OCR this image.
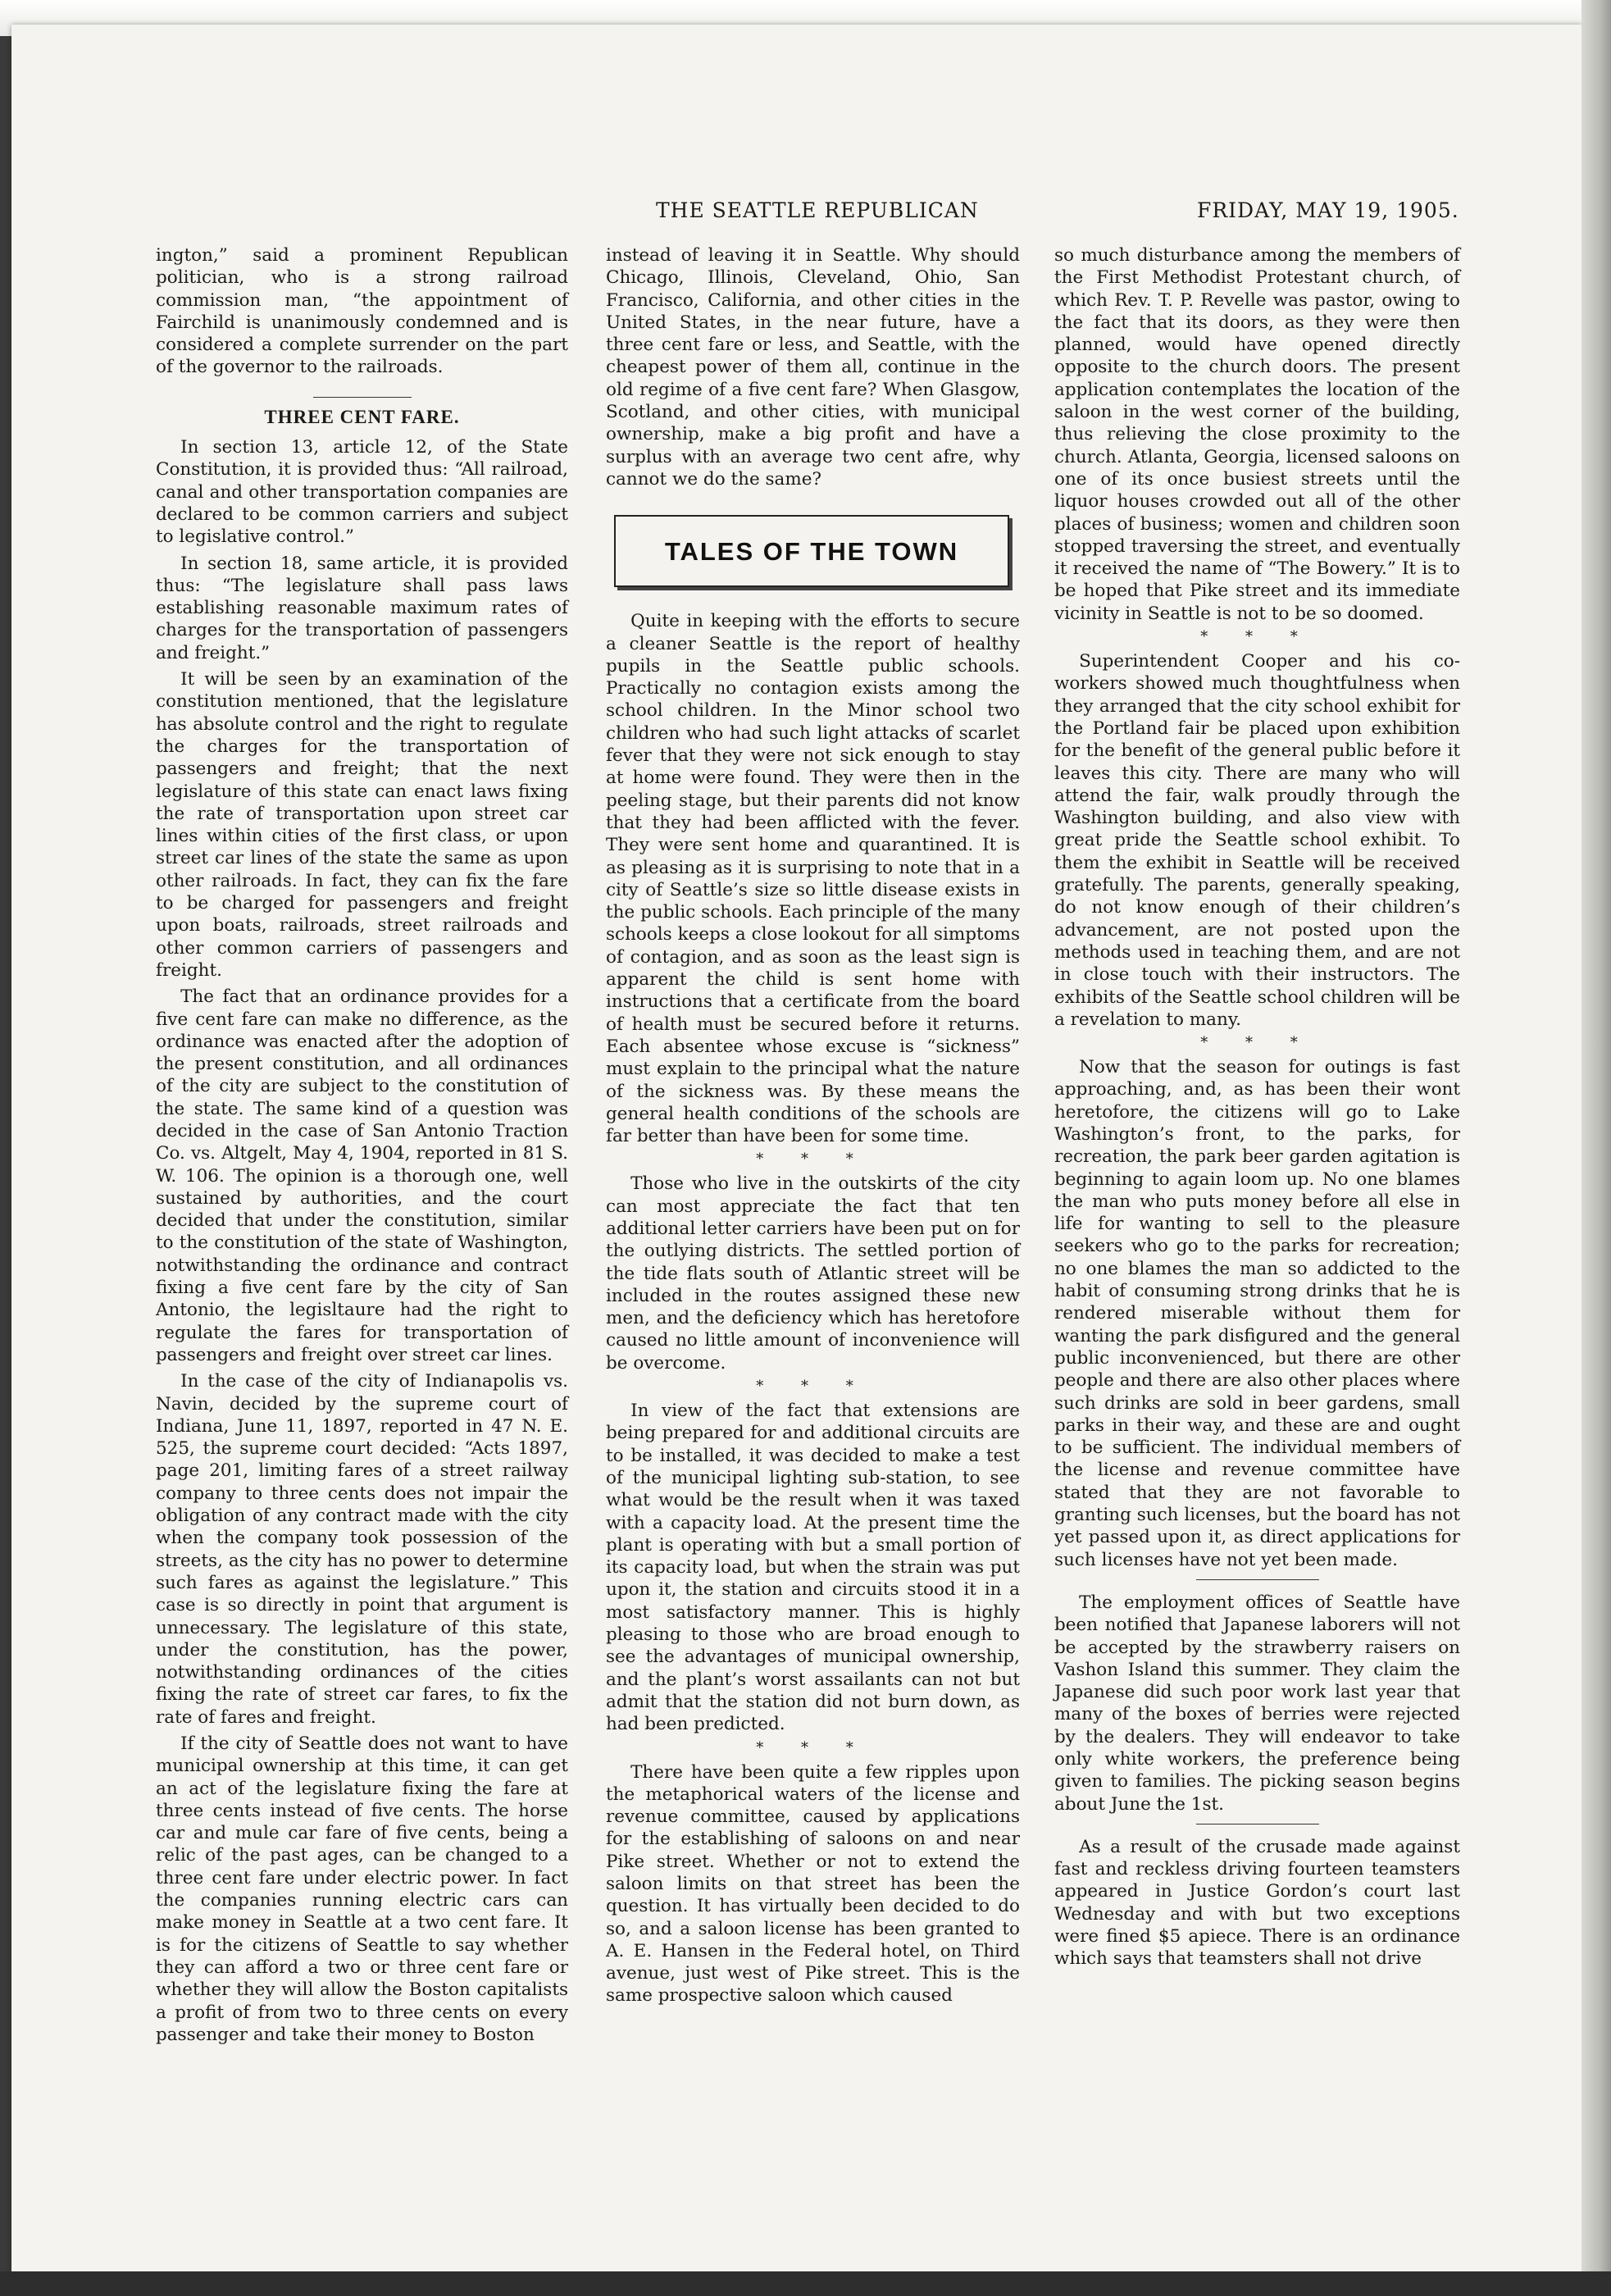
THE SEATTLE REPUBLICAN	FRIDAY, MAY 19, 1905.

ington,” said a prominent Republican politician, who is a strong railroad commission man, “the appointment of Fairchild is unanimously condemned and is considered a complete surrender on the part of the governor to the railroads.

THREE CENT FARE.

In section 13, article 12, of the State Constitution, it is provided thus: “All railroad, canal and other transportation companies are declared to be common carriers and subject to legislative control.”

In section 18, same article, it is provided thus: “The legislature shall pass laws establishing reasonable maximum rates of charges for the transportation of passengers and freight.”

It will be seen by an examination of the constitution mentioned, that the legislature has absolute control and the right to regulate the charges for the transportation of passengers and freight; that the next legislature of this state can enact laws fixing the rate of transportation upon street car lines within cities of the first class, or upon street car lines of the state the same as upon other railroads. In fact, they can fix the fare to be charged for passengers and freight upon boats, railroads, street railroads and other common carriers of passengers and freight.

The fact that an ordinance provides for a five cent fare can make no difference, as the ordinance was enacted after the adoption of the present constitution, and all ordinances of the city are subject to the constitution of the state. The same kind of a question was decided in the case of San Antonio Traction Co. vs. Altgelt, May 4, 1904, reported in 81 S. W. 106. The opinion is a thorough one, well sustained by authorities, and the court decided that under the constitution, similar to the constitution of the state of Washington, notwithstanding the ordinance and contract fixing a five cent fare by the city of San Antonio, the legisltaure had the right to regulate the fares for transportation of passengers and freight over street car lines.

In the case of the city of Indianapolis vs. Navin, decided by the supreme court of Indiana, June 11, 1897, reported in 47 N. E. 525, the supreme court decided: “Acts 1897, page 201, limiting fares of a street railway company to three cents does not impair the obligation of any contract made with the city when the company took possession of the streets, as the city has no power to determine such fares as against the legislature.” This case is so directly in point that argument is unnecessary. The legislature of this state, under the constitution, has the power, notwithstanding ordinances of the cities fixing the rate of street car fares, to fix the rate of fares and freight.

If the city of Seattle does not want to have municipal ownership at this time, it can get an act of the legislature fixing the fare at three cents instead of five cents. The horse car and mule car fare of five cents, being a relic of the past ages, can be changed to a three cent fare under electric power. In fact the companies running electric cars can make money in Seattle at a two cent fare. It is for the citizens of Seattle to say whether they can afford a two or three cent fare or whether they will allow the Boston capitalists a profit of from two to three cents on every passenger and take their money to Boston

instead of leaving it in Seattle. Why should Chicago, Illinois, Cleveland, Ohio, San Francisco, California, and other cities in the United States, in the near future, have a three cent fare or less, and Seattle, with the cheapest power of them all, continue in the old regime of a five cent fare? When Glasgow, Scotland, and other cities, with municipal ownership, make a big profit and have a surplus with an average two cent afre, why cannot we do the same?

TALES OF THE TOWN

Quite in keeping with the efforts to secure a cleaner Seattle is the report of healthy pupils in the Seattle public schools. Practically no contagion exists among the school children. In the Minor school two children who had such light attacks of scarlet fever that they were not sick enough to stay at home were found. They were then in the peeling stage, but their parents did not know that they had been afflicted with the fever. They were sent home and quarantined. It is as pleasing as it is surprising to note that in a city of Seattle’s size so little disease exists in the public schools. Each principle of the many schools keeps a close lookout for all simptoms of contagion, and as soon as the least sign is apparent the child is sent home with instructions that a certificate from the board of health must be secured before it returns. Each absentee whose excuse is “sickness” must explain to the principal what the nature of the sickness was. By these means the general health conditions of the schools are far better than have been for some time.

* * *

Those who live in the outskirts of the city can most appreciate the fact that ten additional letter carriers have been put on for the outlying districts. The settled portion of the tide flats south of Atlantic street will be included in the routes assigned these new men, and the deficiency which has heretofore caused no little amount of inconvenience will be overcome.

* * *

In view of the fact that extensions are being prepared for and additional circuits are to be installed, it was decided to make a test of the municipal lighting sub-station, to see what would be the result when it was taxed with a capacity load. At the present time the plant is operating with but a small portion of its capacity load, but when the strain was put upon it, the station and circuits stood it in a most satisfactory manner. This is highly pleasing to those who are broad enough to see the advantages of municipal ownership, and the plant’s worst assailants can not but admit that the station did not burn down, as had been predicted.

* * *

There have been quite a few ripples upon the metaphorical waters of the license and revenue committee, caused by applications for the establishing of saloons on and near Pike street. Whether or not to extend the saloon limits on that street has been the question. It has virtually been decided to do so, and a saloon license has been granted to A. E. Hansen in the Federal hotel, on Third avenue, just west of Pike street. This is the same prospective saloon which caused

so much disturbance among the members of the First Methodist Protestant church, of which Rev. T. P. Revelle was pastor, owing to the fact that its doors, as they were then planned, would have opened directly opposite to the church doors. The present application contemplates the location of the saloon in the west corner of the building, thus relieving the close proximity to the church. Atlanta, Georgia, licensed saloons on one of its once busiest streets until the liquor houses crowded out all of the other places of business; women and children soon stopped traversing the street, and eventually it received the name of “The Bowery.” It is to be hoped that Pike street and its immediate vicinity in Seattle is not to be so doomed.

* * *

Superintendent Cooper and his co-workers showed much thoughtfulness when they arranged that the city school exhibit for the Portland fair be placed upon exhibition for the benefit of the general public before it leaves this city. There are many who will attend the fair, walk proudly through the Washington building, and also view with great pride the Seattle school exhibit. To them the exhibit in Seattle will be received gratefully. The parents, generally speaking, do not know enough of their children’s advancement, are not posted upon the methods used in teaching them, and are not in close touch with their instructors. The exhibits of the Seattle school children will be a revelation to many.

* * *

Now that the season for outings is fast approaching, and, as has been their wont heretofore, the citizens will go to Lake Washington’s front, to the parks, for recreation, the park beer garden agitation is beginning to again loom up. No one blames the man who puts money before all else in life for wanting to sell to the pleasure seekers who go to the parks for recreation; no one blames the man so addicted to the habit of consuming strong drinks that he is rendered miserable without them for wanting the park disfigured and the general public inconvenienced, but there are other people and there are also other places where such drinks are sold in beer gardens, small parks in their way, and these are and ought to be sufficient. The individual members of the license and revenue committee have stated that they are not favorable to granting such licenses, but the board has not yet passed upon it, as direct applications for such licenses have not yet been made.

The employment offices of Seattle have been notified that Japanese laborers will not be accepted by the strawberry raisers on Vashon Island this summer. They claim the Japanese did such poor work last year that many of the boxes of berries were rejected by the dealers. They will endeavor to take only white workers, the preference being given to families. The picking season begins about June the 1st.

As a result of the crusade made against fast and reckless driving fourteen teamsters appeared in Justice Gordon’s court last Wednesday and with but two exceptions were fined $5 apiece. There is an ordinance which says that teamsters shall not drive
